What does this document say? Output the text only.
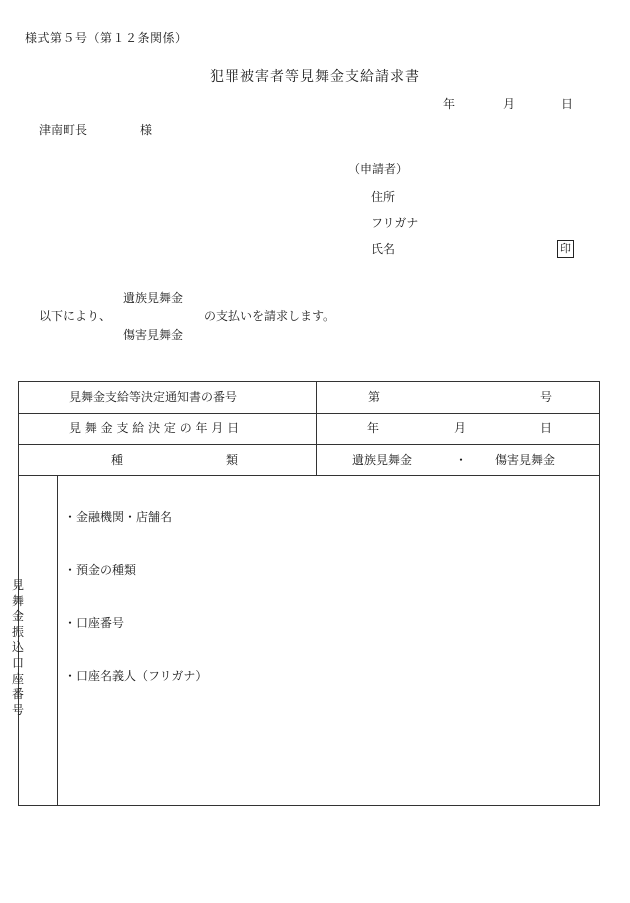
様式第５号（第１２条関係）
犯罪被害者等見舞金支給請求書
年	月	日
津南町長	様
（申請者）
住所
フリガナ
氏名	印
遺族見舞金
以下により、	の支払いを請求します。
傷害見舞金
見舞金支給等決定通知書の番号	第	号
見 舞 金 支 給 決 定 の 年 月 日	年	月	日
種	類	遺族見舞金	・ 傷害見舞金
・金融機関・店舗名
・預金の種類
・口座番号
・口座名義人（フリガナ）
見
舞
金
振
込
口
座
番
号
